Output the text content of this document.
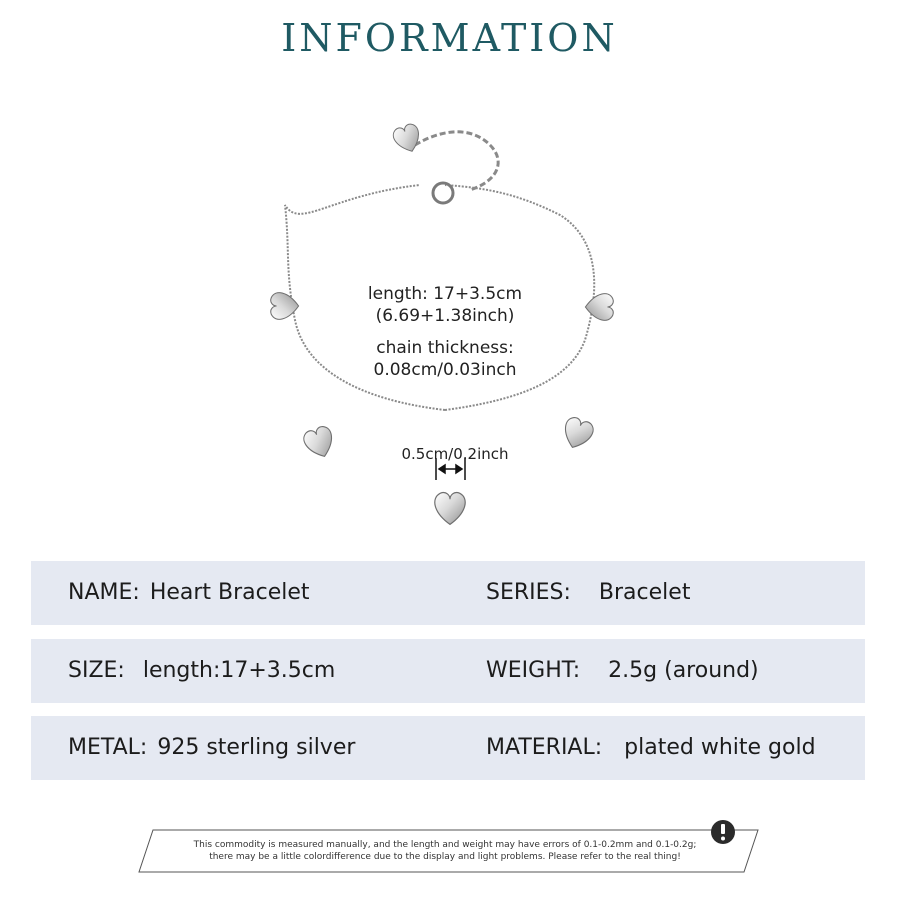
INFORMATION
length: 17+3.5cm
(6.69+1.38inch)
chain thickness:
0.08cm/0.03inch
0.5cm/0.2inch
NAME: Heart Bracelet	SERIES: Bracelet
SIZE: length:17+3.5cm	WEIGHT: 2.5g (around)
METAL: 925 sterling silver	MATERIAL: plated white gold
This commodity is measured manually, and the length and weight may have errors of 0.1-0.2mm and 0.1-0.2g;
there may be a little colordifference due to the display and light problems. Please refer to the real thing!
